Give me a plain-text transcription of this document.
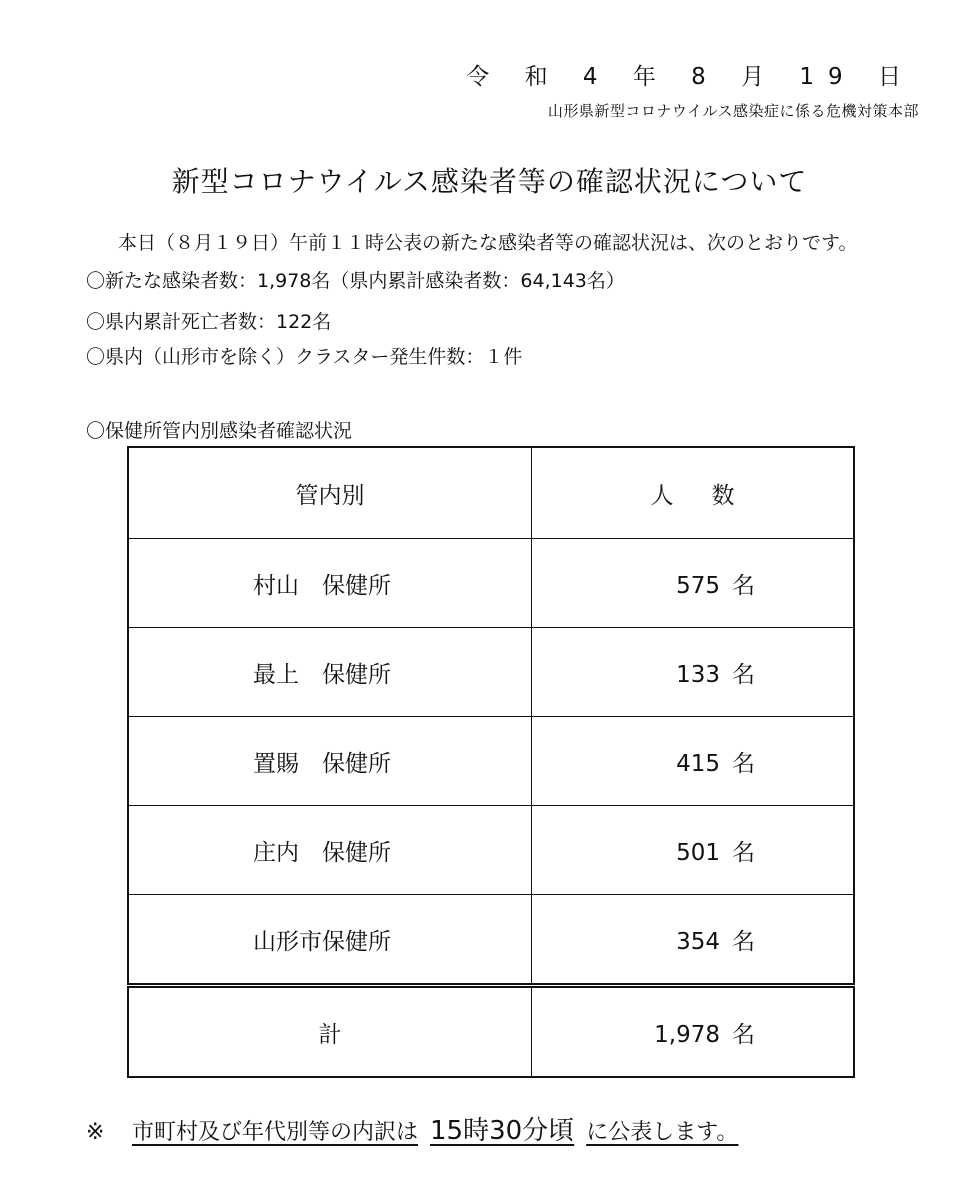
令 和 4 年 8 月 19 日
山形県新型コロナウイルス感染症に係る危機対策本部
新型コロナウイルス感染者等の確認状況について
本日（８月１９日）午前１１時公表の新たな感染者等の確認状況は、次のとおりです。
〇新たな感染者数：1,978名（県内累計感染者数：64,143名）
〇県内累計死亡者数：122名
〇県内（山形市を除く）クラスター発生件数：１件
〇保健所管内別感染者確認状況
管内別	人数
村山　保健所	575 名
最上　保健所	133 名
置賜　保健所	415 名
庄内　保健所	501 名
山形市保健所	354 名
計	1,978 名
※ 市町村及び年代別等の内訳は 15時30分頃 に公表します。
